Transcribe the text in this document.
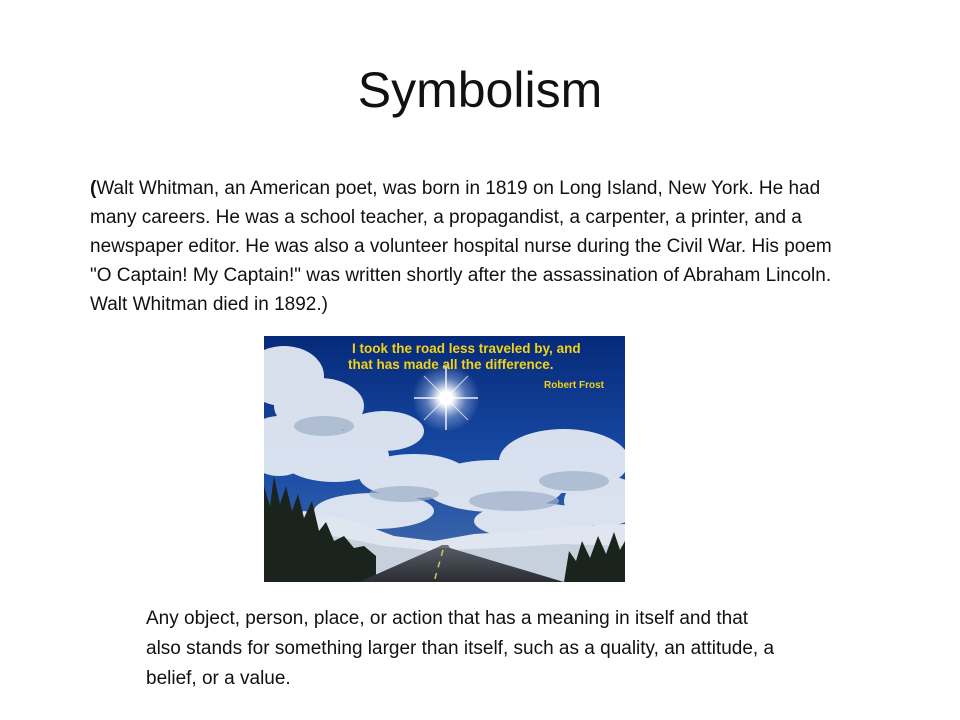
Symbolism
(Walt Whitman, an American poet, was born in 1819 on Long Island, New York. He had many careers. He was a school teacher, a propagandist, a carpenter, a printer, and a newspaper editor. He was also a volunteer hospital nurse during the Civil War. His poem "O Captain! My Captain!" was written shortly after the assassination of Abraham Lincoln. Walt Whitman died in 1892.)
I took the road less traveled by, and
that has made all the difference.
Robert Frost
Any object, person, place, or action that has a meaning in itself and that also stands for something larger than itself, such as a quality, an attitude, a belief, or a value.
